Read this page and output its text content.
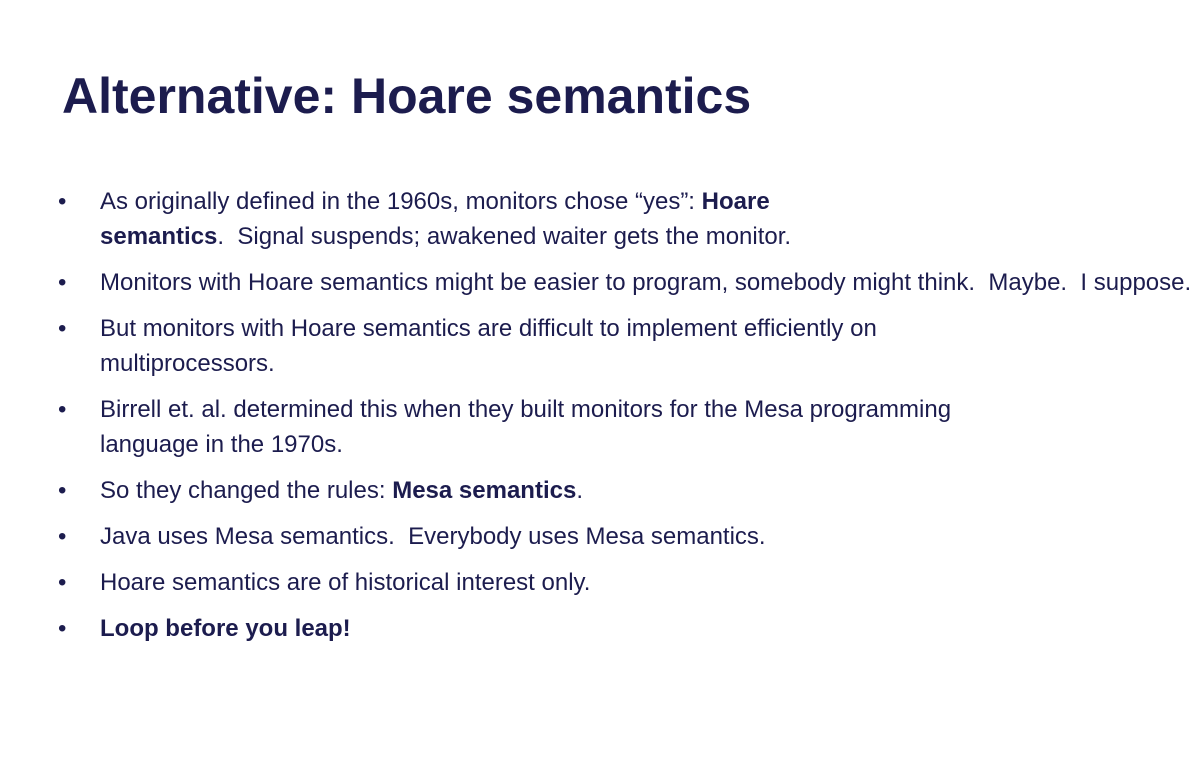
Alternative: Hoare semantics
•	As originally defined in the 1960s, monitors chose “yes”: Hoare semantics.  Signal suspends; awakened waiter gets the monitor.
•	Monitors with Hoare semantics might be easier to program, somebody might think.  Maybe.  I suppose.
•	But monitors with Hoare semantics are difficult to implement efficiently on multiprocessors.
•	Birrell et. al. determined this when they built monitors for the Mesa programming language in the 1970s.
•	So they changed the rules: Mesa semantics.
•	Java uses Mesa semantics.  Everybody uses Mesa semantics.
•	Hoare semantics are of historical interest only.
•	Loop before you leap!
